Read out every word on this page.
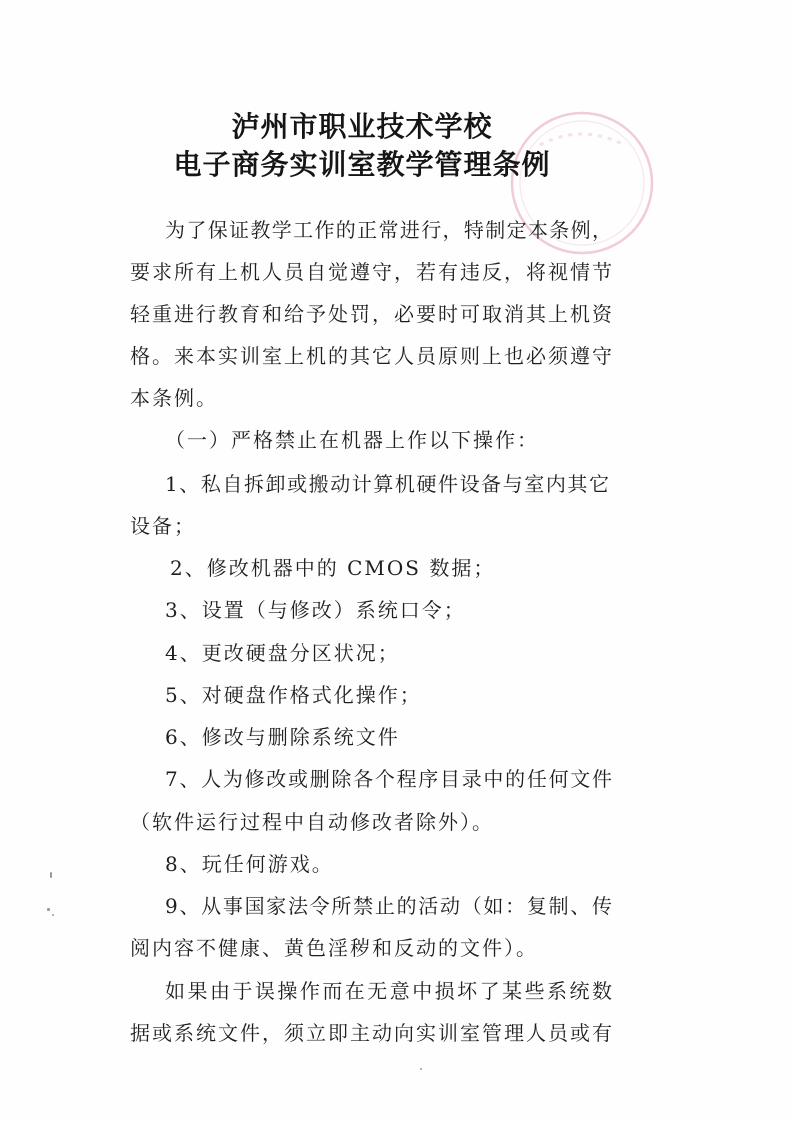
泸州市职业技术学校
电子商务实训室教学管理条例
为了保证教学工作的正常进行，特制定本条例，
要求所有上机人员自觉遵守，若有违反，将视情节
轻重进行教育和给予处罚，必要时可取消其上机资
格。来本实训室上机的其它人员原则上也必须遵守
本条例。
（一）严格禁止在机器上作以下操作：
1、私自拆卸或搬动计算机硬件设备与室内其它
设备；
2、修改机器中的 CMOS 数据；
3、设置（与修改）系统口令；
4、更改硬盘分区状况；
5、对硬盘作格式化操作；
6、修改与删除系统文件
7、人为修改或删除各个程序目录中的任何文件
（软件运行过程中自动修改者除外）。
8、玩任何游戏。
9、从事国家法令所禁止的活动（如：复制、传
阅内容不健康、黄色淫秽和反动的文件）。
如果由于误操作而在无意中损坏了某些系统数
据或系统文件，须立即主动向实训室管理人员或有
